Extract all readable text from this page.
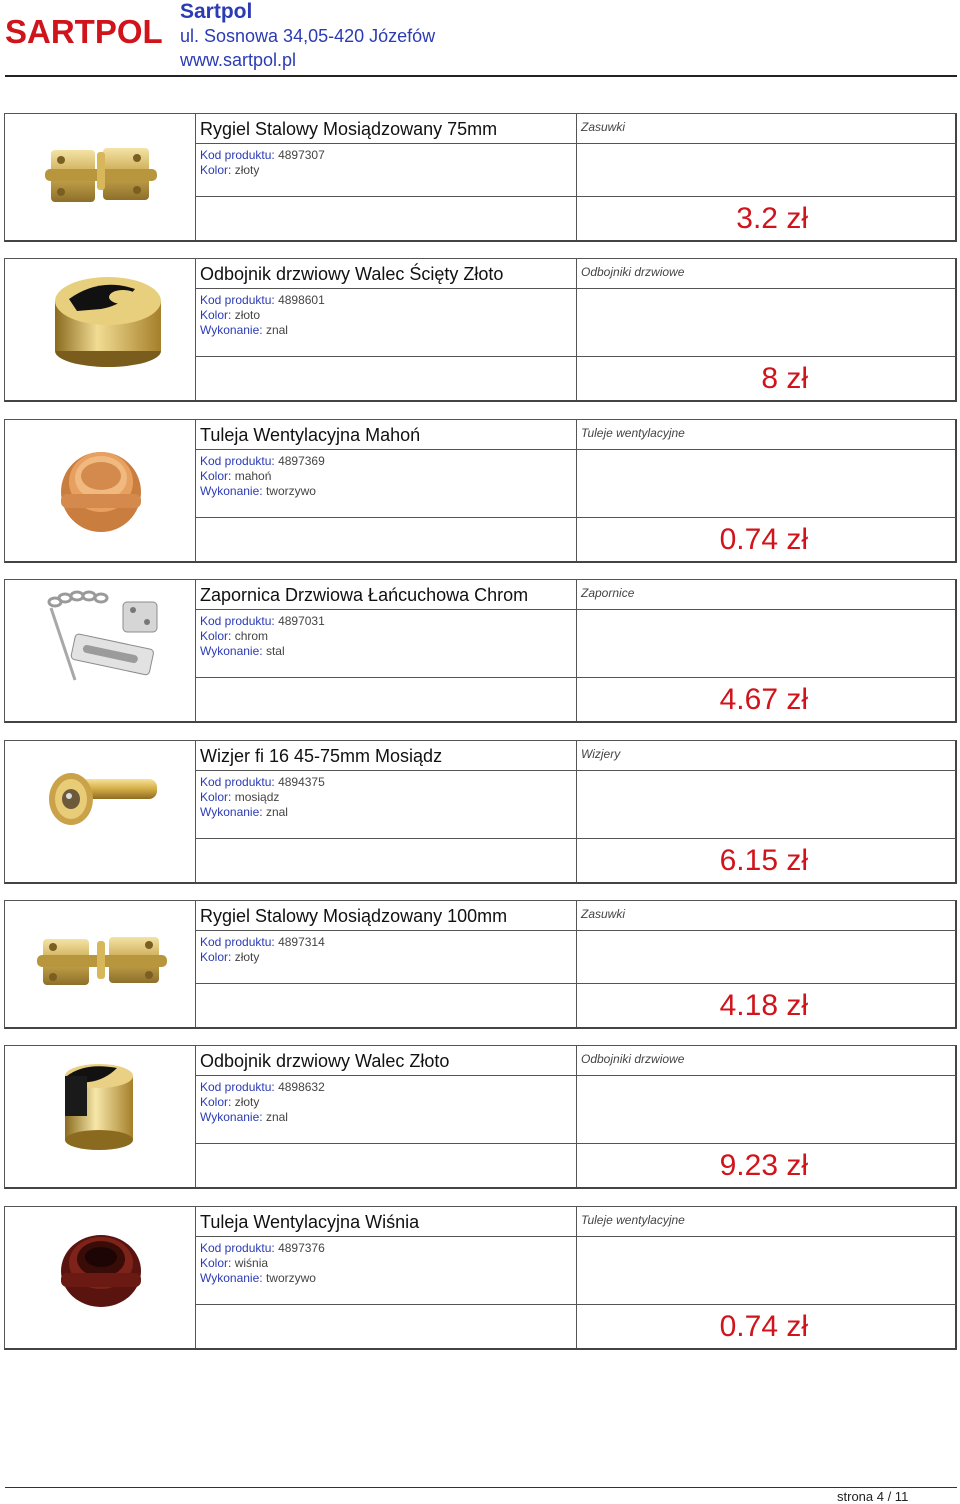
SARTPOL
Sartpol
ul. Sosnowa 34,05-420 Józefów
www.sartpol.pl
Rygiel Stalowy Mosiądzowany 75mm
Kod produktu: 4897307
Kolor: złoty
Zasuwki
3.2 zł
Odbojnik drzwiowy Walec Ścięty Złoto
Kod produktu: 4898601
Kolor: złoto
Wykonanie: znal
Odbojniki drzwiowe
8 zł
Tuleja Wentylacyjna Mahoń
Kod produktu: 4897369
Kolor: mahoń
Wykonanie: tworzywo
Tuleje wentylacyjne
0.74 zł
Zapornica Drzwiowa Łańcuchowa Chrom
Kod produktu: 4897031
Kolor: chrom
Wykonanie: stal
Zapornice
4.67 zł
Wizjer fi 16 45-75mm Mosiądz
Kod produktu: 4894375
Kolor: mosiądz
Wykonanie: znal
Wizjery
6.15 zł
Rygiel Stalowy Mosiądzowany 100mm
Kod produktu: 4897314
Kolor: złoty
Zasuwki
4.18 zł
Odbojnik drzwiowy Walec Złoto
Kod produktu: 4898632
Kolor: złoty
Wykonanie: znal
Odbojniki drzwiowe
9.23 zł
Tuleja Wentylacyjna Wiśnia
Kod produktu: 4897376
Kolor: wiśnia
Wykonanie: tworzywo
Tuleje wentylacyjne
0.74 zł
strona 4 / 11
